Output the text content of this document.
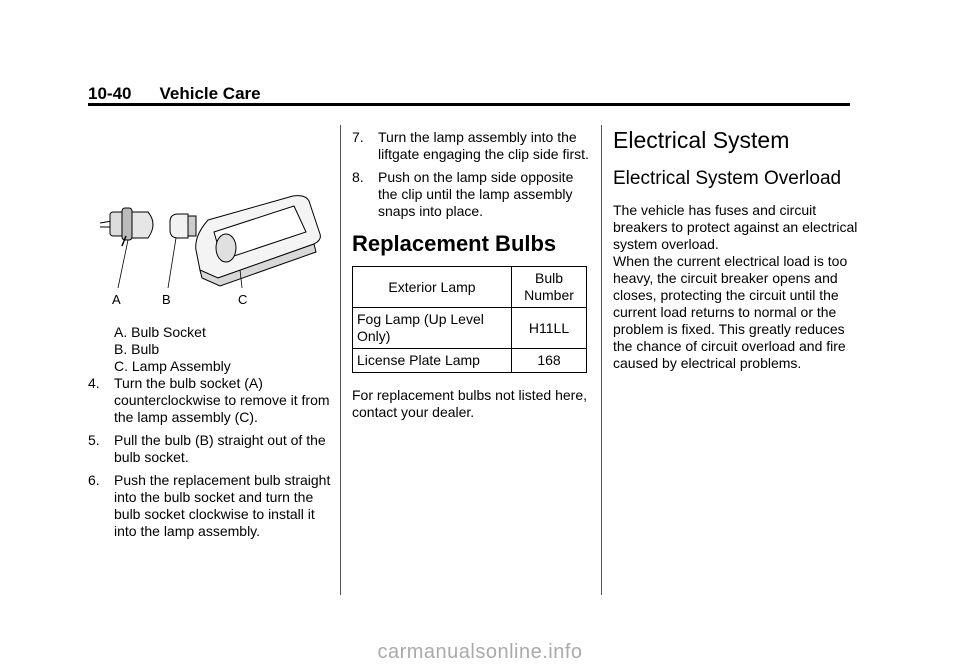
10-40 Vehicle Care
A	B	C

A. Bulb Socket

B. Bulb

C. Lamp Assembly

4.	Turn the bulb socket (A) counterclockwise to remove it from the lamp assembly (C).
5.	Pull the bulb (B) straight out of the bulb socket.
6.	Push the replacement bulb straight into the bulb socket and turn the bulb socket clockwise to install it into the lamp assembly.
7.	Turn the lamp assembly into the liftgate engaging the clip side first.
8.	Push on the lamp side opposite the clip until the lamp assembly snaps into place.
Replacement Bulbs
Exterior Lamp	Bulb Number
Fog Lamp (Up Level Only)	H11LL
License Plate Lamp	168

For replacement bulbs not listed here, contact your dealer.

Electrical System
Electrical System Overload

The vehicle has fuses and circuit breakers to protect against an electrical system overload.

When the current electrical load is too heavy, the circuit breaker opens and closes, protecting the circuit until the current load returns to normal or the problem is fixed. This greatly reduces the chance of circuit overload and fire caused by electrical problems.

carmanualsonline.info
